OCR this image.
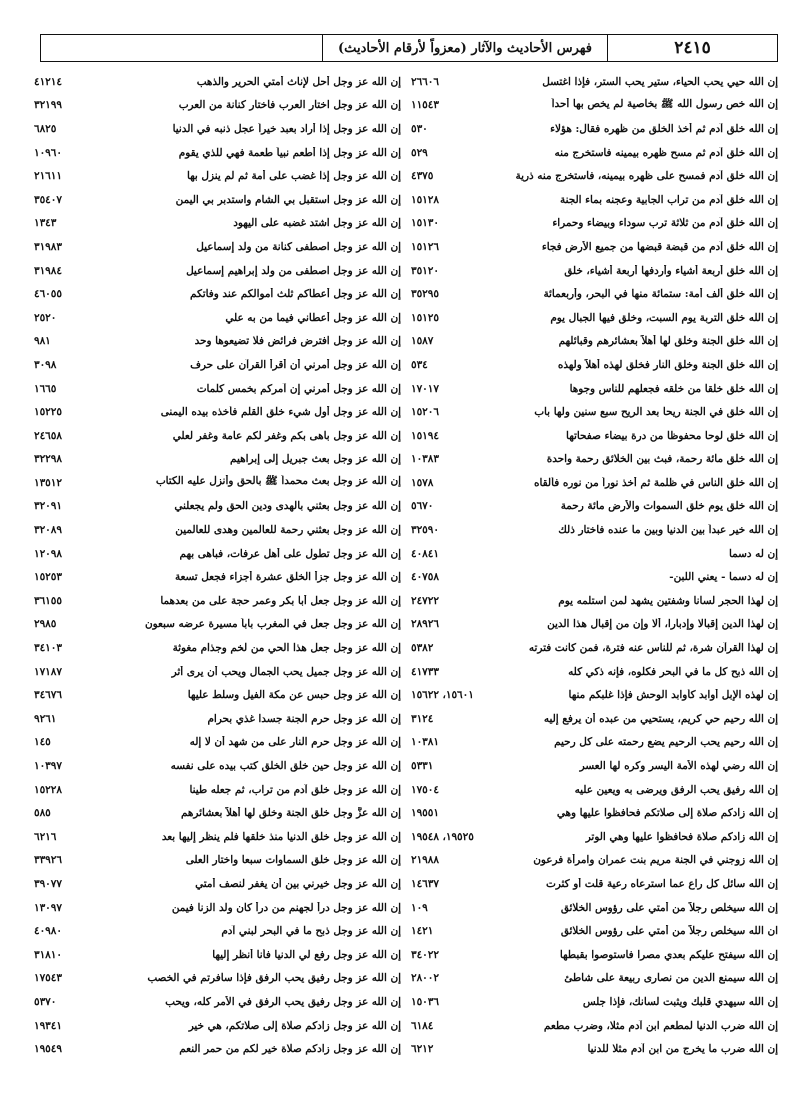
٢٤١٥
فهرس الأحاديث والآثار (معزواً لأرقام الأحاديث)
إن الله حيي يحب الحياء، ستير يحب الستر، فإذا اغتسل
٢٦٦٠٦
إن الله خص رسول الله ﷺ بخاصية لم يخص بها أحداً
١١٥٤٣
إن الله خلق آدم ثم أخذ الخلق من ظهره فقال: هؤلاء
٥٣٠
إن الله خلق آدم ثم مسح ظهره بيمينه فاستخرج منه
٥٢٩
إن الله خلق آدم فمسح على ظهره بيمينه، فاستخرج منه ذرية
٤٣٧٥
إن الله خلق آدم من تراب الجابية وعجنه بماء الجنة
١٥١٢٨
إن الله خلق آدم من ثلاثة ترب سوداء وبيضاء وحمراء
١٥١٣٠
إن الله خلق آدم من قبضة قبضها من جميع الأرض فجاء
١٥١٢٦
إن الله خلق أربعة أشياء وأردفها أربعة أشياء، خلق
٣٥١٢٠
إن الله خلق ألف أمة: ستمائة منها في البحر، وأربعمائة
٣٥٢٩٥
إن الله خلق التربة يوم السبت، وخلق فيها الجبال يوم
١٥١٢٥
إن الله خلق الجنة وخلق لها أهلاً بعشائرهم وقبائلهم
١٥٨٧
إن الله خلق الجنة وخلق النار فخلق لهذه أهلاً ولهذه
٥٣٤
إن الله خلق خلقا من خلقه فجعلهم للناس وجوها
١٧٠١٧
إن الله خلق في الجنة ريحا بعد الريح سبع سنين ولها باب
١٥٢٠٦
إن الله خلق لوحا محفوظا من درة بيضاء صفحاتها
١٥١٩٤
إن الله خلق مائة رحمة، فبث بين الخلائق رحمة واحدة
١٠٣٨٣
إن الله خلق الناس في ظلمة ثم أخذ نوراً من نوره فألقاه
١٥٧٨
إن الله خلق يوم خلق السموات والأرض مائة رحمة
٥٦٧٠
إن الله خير عبداً بين الدنيا وبين ما عنده فاختار ذلك
٣٢٥٩٠
إن له دسما
٤٠٨٤١
إن له دسما - يعني اللبن-
٤٠٧٥٨
إن لهذا الحجر لسانا وشفتين يشهد لمن استلمه يوم
٢٤٧٢٢
إن لهذا الدين إقبالا وإدبارا، ألا وإن من إقبال هذا الدين
٢٨٩٢٦
إن لهذا القرآن شرة، ثم للناس عنه فترة، فمن كانت فترته
٥٣٨٢
إن الله ذبح كل ما في البحر فكلوه، فإنه ذكي كله
٤١٧٣٣
إن لهذه الإبل أوابد كأوابد الوحش فإذا غلبكم منها
١٥٦٠١، ١٥٦٢٢
إن الله رحيم حي كريم، يستحيي من عبده أن يرفع إليه
٣١٢٤
إن الله رحيم يحب الرحيم يضع رحمته على كل رحيم
١٠٣٨١
إن الله رضي لهذه الأمة اليسر وكره لها العسر
٥٣٣١
إن الله رفيق يحب الرفق ويرضى به ويعين عليه
١٧٥٠٤
إن الله زادكم صلاة إلى صلاتكم فحافظوا عليها وهي
١٩٥٥١
إن الله زادكم صلاة فحافظوا عليها وهي الوتر
١٩٥٢٥، ١٩٥٤٨
إن الله زوجني في الجنة مريم بنت عمران وامرأة فرعون
٢١٩٨٨
إن الله سائل كل راع عما استرعاه رعية قلت أو كثرت
١٤٦٣٧
إن الله سيخلص رجلاً من أمتي على رؤوس الخلائق
١٠٩
ان الله سيخلص رجلاً من أمتي على رؤوس الخلائق
١٤٢١
إن الله سيفتح عليكم بعدي مصرا فاستوصوا بقبطها
٣٤٠٢٢
إن الله سيمنع الدين من نصارى ربيعة على شاطئ
٢٨٠٠٢
إن الله سيهدي قلبك ويثبت لسانك، فإذا جلس
١٥٠٣٦
إن الله ضرب الدنيا لمطعم ابن آدم مثلا، وضرب مطعم
٦١٨٤
إن الله ضرب ما يخرج من ابن آدم مثلا للدنيا
٦٢١٢
إن الله عز وجل أحل لإناث أمتي الحرير والذهب
٤١٢١٤
إن الله عز وجل اختار العرب فاختار كنانة من العرب
٣٢١٩٩
إن الله عز وجل إذا أراد بعبد خيراً عجل ذنبه في الدنيا
٦٨٢٥
إن الله عز وجل إذا أطعم نبياً طعمة فهي للذي يقوم
١٠٩٦٠
إن الله عز وجل إذا غضب على أمة ثم لم ينزل بها
٢١٦١١
إن الله عز وجل استقبل بي الشام واستدبر بي اليمن
٣٥٤٠٧
إن الله عز وجل اشتد غضبه على اليهود
١٣٤٣
إن الله عز وجل اصطفى كنانة من ولد إسماعيل
٣١٩٨٣
إن الله عز وجل اصطفى من ولد إبراهيم إسماعيل
٣١٩٨٤
إن الله عز وجل أعطاكم ثلث أموالكم عند وفاتكم
٤٦٠٥٥
إن الله عز وجل أعطاني فيما من به علي
٢٥٢٠
إن الله عز وجل افترض فرائض فلا تضيعوها وحد
٩٨١
إن الله عز وجل أمرني أن أقرأ القرآن على حرف
٣٠٩٨
إن الله عز وجل أمرني إن آمركم بخمس كلمات
١٦٦٥
إن الله عز وجل أول شيء خلق القلم فأخذه بيده اليمنى
١٥٢٢٥
إن الله عز وجل باهى بكم وغفر لكم عامة وغفر لعلي
٢٤٦٥٨
إن الله عز وجل بعث جبريل إلى إبراهيم
٣٢٢٩٨
إن الله عز وجل بعث محمداً ﷺ بالحق وأنزل عليه الكتاب
١٣٥١٢
إن الله عز وجل بعثني بالهدى ودين الحق ولم يجعلني
٣٢٠٩١
إن الله عز وجل بعثني رحمة للعالمين وهدى للعالمين
٣٢٠٨٩
إن الله عز وجل تطول على أهل عرفات، فباهى بهم
١٢٠٩٨
إن الله عز وجل جزأ الخلق عشرة أجزاء فجعل تسعة
١٥٢٥٣
إن الله عز وجل جعل أبا بكر وعمر حجة على من بعدهما
٣٦١٥٥
إن الله عز وجل جعل في المغرب باباً مسيرة عرضه سبعون
٢٩٨٥
إن الله عز وجل جعل هذا الحي من لخم وجذام مغوثة
٣٤١٠٣
إن الله عز وجل جميل يحب الجمال ويحب أن يرى أثر
١٧١٨٧
إن الله عز وجل حبس عن مكة الفيل وسلط عليها
٣٤٦٧٦
إن الله عز وجل حرم الجنة جسدا غذي بحرام
٩٢٦١
إن الله عز وجل حرم النار على من شهد أن لا إله
١٤٥
إن الله عز وجل حين خلق الخلق كتب بيده على نفسه
١٠٣٩٧
إن الله عز وجل خلق آدم من تراب، ثم جعله طينا
١٥٢٢٨
إن الله عزَّ وجل خلق الجنة وخلق لها أهلاً بعشائرهم
٥٨٥
إن الله عز وجل خلق الدنيا منذ خلقها فلم ينظر إليها بعد
٦٢١٦
إن الله عز وجل خلق السماوات سبعا واختار العلى
٣٣٩٢٦
إن الله عز وجل خيرني بين أن يغفر لنصف أمتي
٣٩٠٧٧
إن الله عز وجل درأ لجهنم من درأ كان ولد الزنا فيمن
١٣٠٩٧
إن الله عز وجل ذبح ما في البحر لبني آدم
٤٠٩٨٠
إن الله عز وجل رفع لي الدنيا فأنا أنظر إليها
٣١٨١٠
إن الله عز وجل رفيق يحب الرفق فإذا سافرتم في الخصب
١٧٥٤٣
إن الله عز وجل رفيق يحب الرفق في الأمر كله، ويحب
٥٣٧٠
إن الله عز وجل زادكم صلاة إلى صلاتكم، هي خير
١٩٣٤١
إن الله عز وجل زادكم صلاة خير لكم من حمر النعم
١٩٥٤٩
